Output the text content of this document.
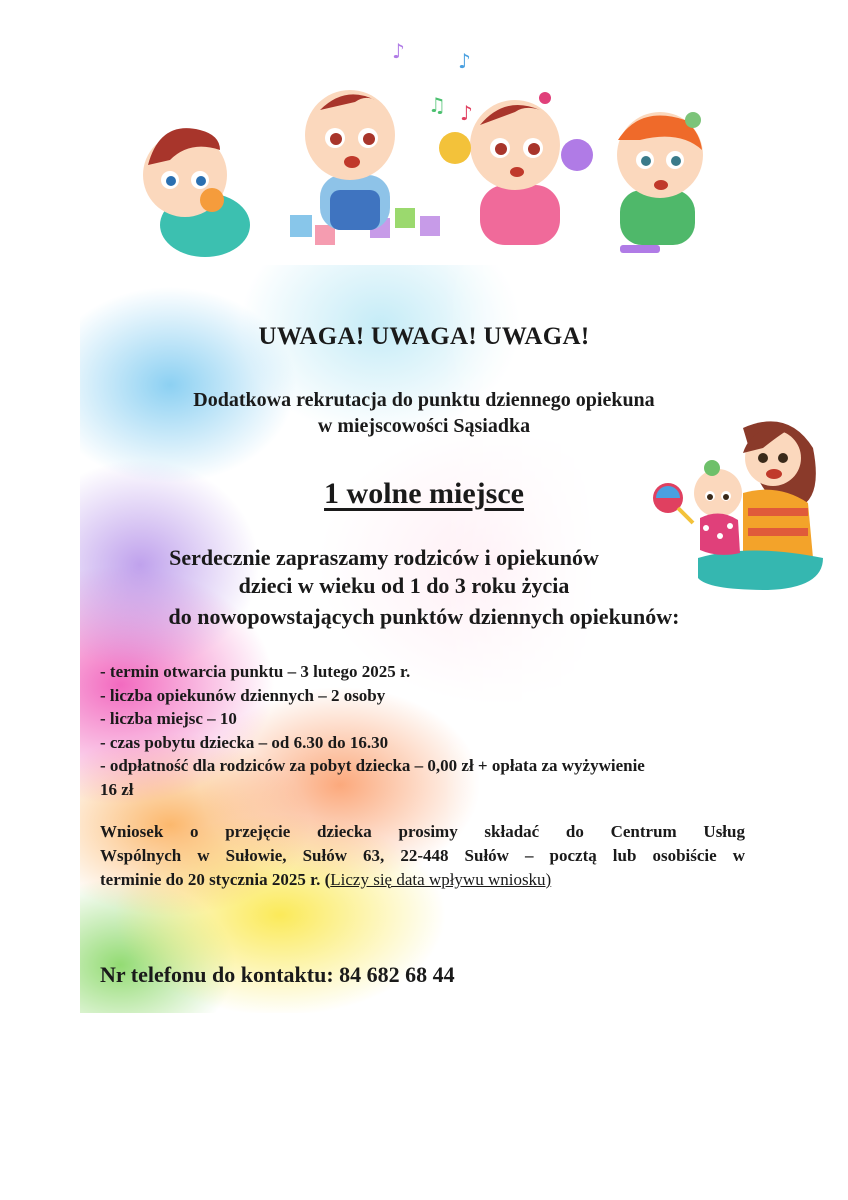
♪	♪
♫ ♪
UWAGA! UWAGA! UWAGA!
Dodatkowa rekrutacja do punktu dziennego opiekuna
w miejscowości Sąsiadka
1 wolne miejsce
Serdecznie zapraszamy rodziców i opiekunów
dzieci w wieku od 1 do 3 roku życia
do nowopowstających punktów dziennych opiekunów:
- termin otwarcia punktu – 3 lutego 2025 r.
- liczba opiekunów dziennych – 2 osoby
- liczba miejsc – 10
- czas pobytu dziecka – od 6.30 do 16.30
- odpłatność dla rodziców za pobyt dziecka – 0,00 zł + opłata za wyżywienie
16 zł
Wniosek o przejęcie dziecka prosimy składać do Centrum Usług
Wspólnych w Sułowie, Sułów 63, 22-448 Sułów – pocztą lub osobiście w
terminie do 20 stycznia 2025 r. (Liczy się data wpływu wniosku)
Nr telefonu do kontaktu: 84 682 68 44
